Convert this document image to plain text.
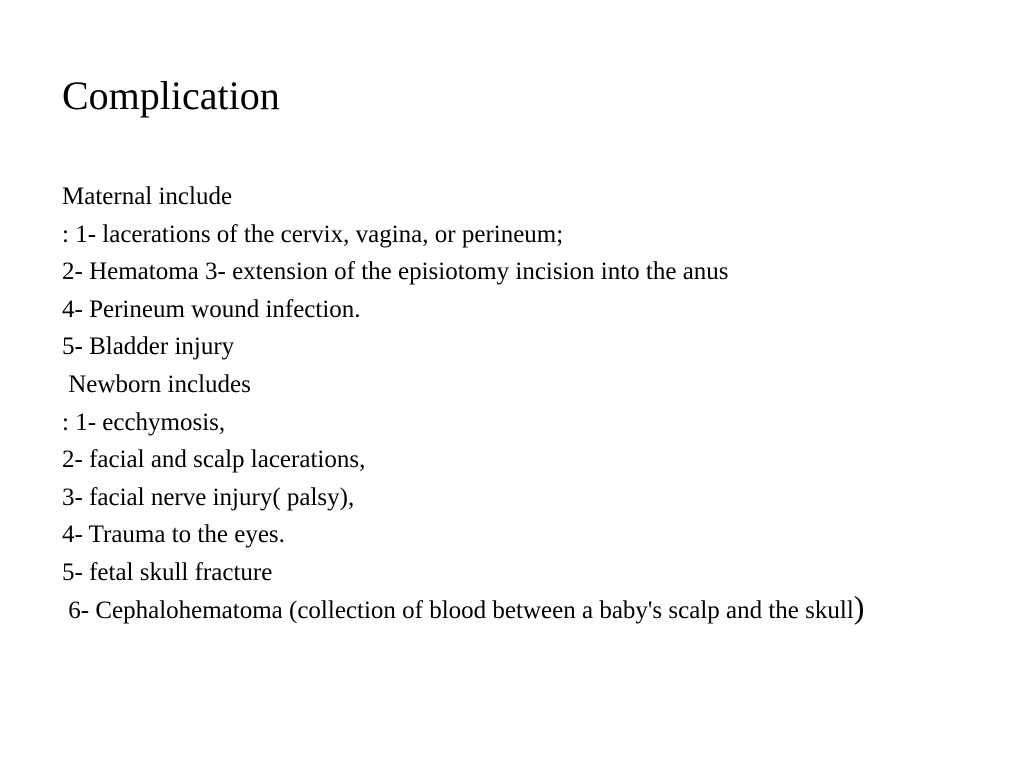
Complication
Maternal include
: 1- lacerations of the cervix, vagina, or perineum;
2- Hematoma 3- extension of the episiotomy incision into the anus
4- Perineum wound infection.
5- Bladder injury
Newborn includes
: 1- ecchymosis,
2- facial and scalp lacerations,
3- facial nerve injury( palsy),
4- Trauma to the eyes.
5- fetal skull fracture
6- Cephalohematoma (collection of blood between a baby's scalp and the skull)
